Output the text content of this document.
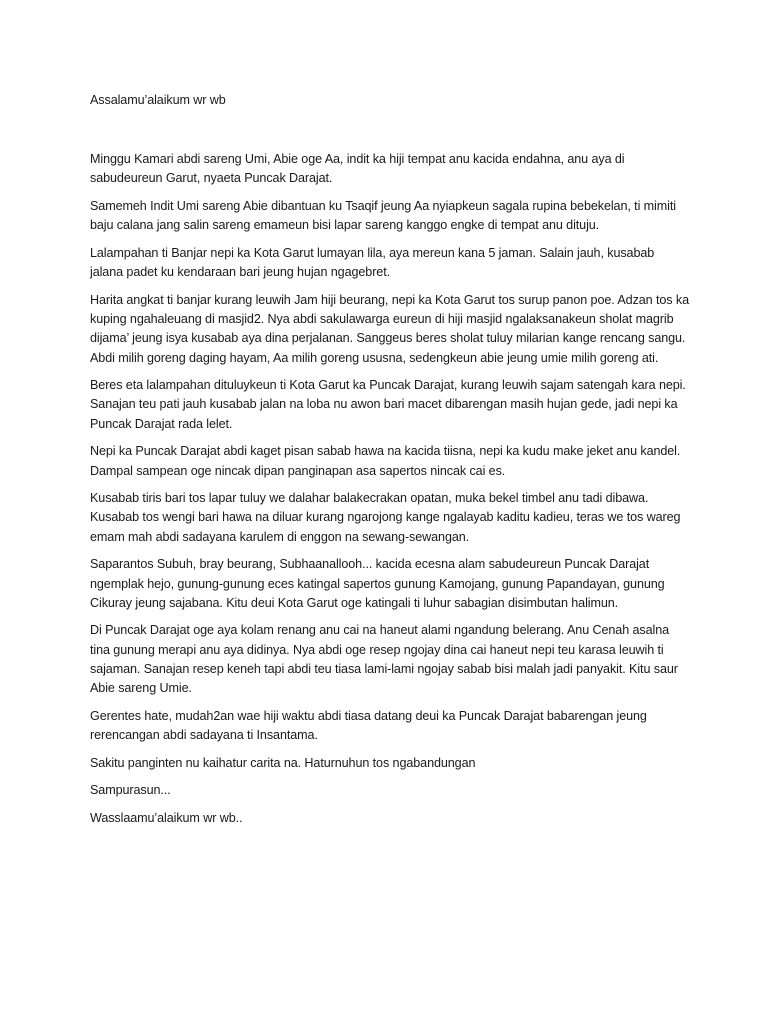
Assalamu’alaikum wr wb

Minggu Kamari abdi sareng Umi, Abie oge Aa, indit ka hiji tempat anu kacida endahna, anu aya di sabudeureun Garut, nyaeta Puncak Darajat.

Samemeh Indit Umi sareng Abie dibantuan ku Tsaqif jeung Aa nyiapkeun sagala rupina bebekelan, ti mimiti baju calana jang salin sareng emameun bisi lapar sareng kanggo engke di tempat anu dituju.

Lalampahan ti Banjar nepi ka Kota Garut lumayan lila, aya mereun kana 5 jaman. Salain jauh, kusabab jalana padet ku kendaraan bari jeung hujan ngagebret.

Harita angkat ti banjar kurang leuwih Jam hiji beurang, nepi ka Kota Garut tos surup panon poe. Adzan tos ka kuping ngahaleuang di masjid2. Nya abdi sakulawarga eureun di hiji masjid ngalaksanakeun sholat magrib dijama’ jeung isya kusabab aya dina perjalanan. Sanggeus beres sholat tuluy milarian kange rencang sangu. Abdi milih goreng daging hayam, Aa milih goreng ususna, sedengkeun abie jeung umie milih goreng ati.

Beres eta lalampahan dituluykeun ti Kota Garut ka Puncak Darajat, kurang leuwih sajam satengah kara nepi. Sanajan teu pati jauh kusabab jalan na loba nu awon bari macet dibarengan masih hujan gede, jadi nepi ka Puncak Darajat rada lelet.

Nepi ka Puncak Darajat abdi kaget pisan sabab hawa na kacida tiisna, nepi ka kudu make jeket anu kandel. Dampal sampean oge nincak dipan panginapan asa sapertos nincak cai es.

Kusabab tiris bari tos lapar tuluy we dalahar balakecrakan opatan, muka bekel timbel anu tadi dibawa. Kusabab tos wengi bari hawa na diluar kurang ngarojong kange ngalayab kaditu kadieu, teras we tos wareg emam mah abdi sadayana karulem di enggon na sewang-sewangan.

Saparantos Subuh, bray beurang, Subhaanallooh... kacida ecesna alam sabudeureun Puncak Darajat ngemplak hejo, gunung-gunung eces katingal sapertos gunung Kamojang, gunung Papandayan, gunung Cikuray jeung sajabana. Kitu deui Kota Garut oge katingali ti luhur sabagian disimbutan halimun.

Di Puncak Darajat oge aya kolam renang anu cai na haneut alami ngandung belerang. Anu Cenah asalna tina gunung merapi anu aya didinya. Nya abdi oge resep ngojay dina cai haneut nepi teu karasa leuwih ti sajaman. Sanajan resep keneh tapi abdi teu tiasa lami-lami ngojay sabab bisi malah jadi panyakit. Kitu saur Abie sareng Umie.

Gerentes hate, mudah2an wae hiji waktu abdi tiasa datang deui ka Puncak Darajat babarengan jeung rerencangan abdi sadayana ti Insantama.

Sakitu panginten nu kaihatur carita na. Haturnuhun tos ngabandungan

Sampurasun...

Wasslaamu’alaikum wr wb..
